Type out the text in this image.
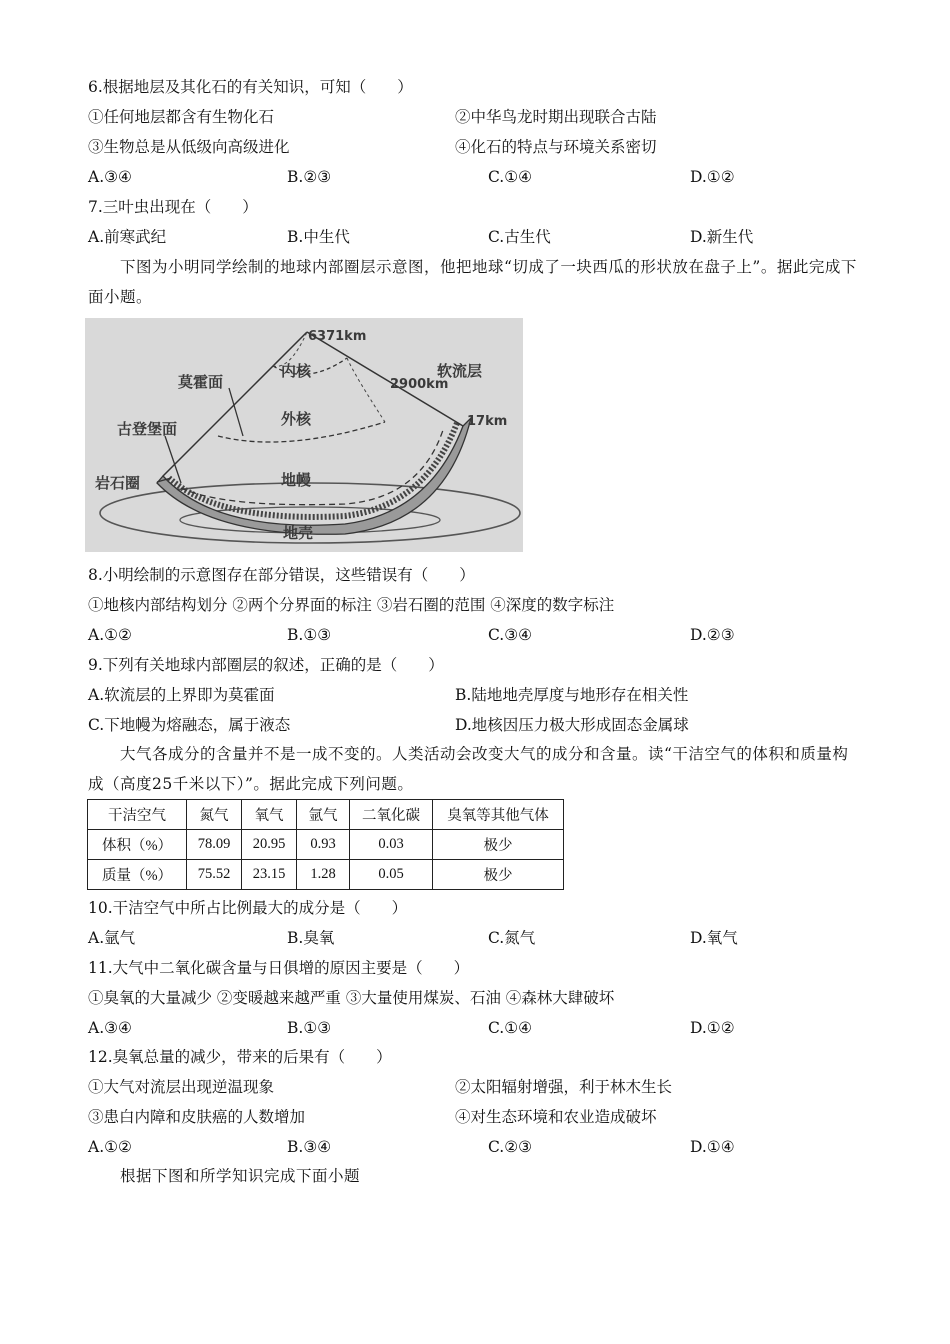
6.根据地层及其化石的有关知识，可知（　　）
①任何地层都含有生物化石	②中华鸟龙时期出现联合古陆
③生物总是从低级向高级进化	④化石的特点与环境关系密切
A.③④	B.②③	C.①④	D.①②
7.三叶虫出现在（　　）
A.前寒武纪	B.中生代	C.古生代	D.新生代
下图为小明同学绘制的地球内部圈层示意图，他把地球“切成了一块西瓜的形状放在盘子上”。据此完成下面小题。
6371km
内核
莫霍面	2900km
软流层
外核
古登堡面	17km
岩石圈	地幔
地壳
8.小明绘制的示意图存在部分错误，这些错误有（　　）
①地核内部结构划分 ②两个分界面的标注 ③岩石圈的范围 ④深度的数字标注
A.①②	B.①③	C.③④	D.②③
9.下列有关地球内部圈层的叙述，正确的是（　　）
A.软流层的上界即为莫霍面	B.陆地地壳厚度与地形存在相关性
C.下地幔为熔融态，属于液态	D.地核因压力极大形成固态金属球
大气各成分的含量并不是一成不变的。人类活动会改变大气的成分和含量。读“干洁空气的体积和质量构成（高度25千米以下）”。据此完成下列问题。
干洁空气	氮气	氧气	氩气	二氧化碳	臭氧等其他气体
体积（%）	78.09	20.95	0.93	0.03	极少
质量（%）	75.52	23.15	1.28	0.05	极少
10.干洁空气中所占比例最大的成分是（　　）
A.氩气	B.臭氧	C.氮气	D.氧气
11.大气中二氧化碳含量与日俱增的原因主要是（　　）
①臭氧的大量减少 ②变暖越来越严重 ③大量使用煤炭、石油 ④森林大肆破坏
A.③④	B.①③	C.①④	D.①②
12.臭氧总量的减少，带来的后果有（　　）
①大气对流层出现逆温现象	②太阳辐射增强，利于林木生长
③患白内障和皮肤癌的人数增加	④对生态环境和农业造成破坏
A.①②	B.③④	C.②③	D.①④
根据下图和所学知识完成下面小题
